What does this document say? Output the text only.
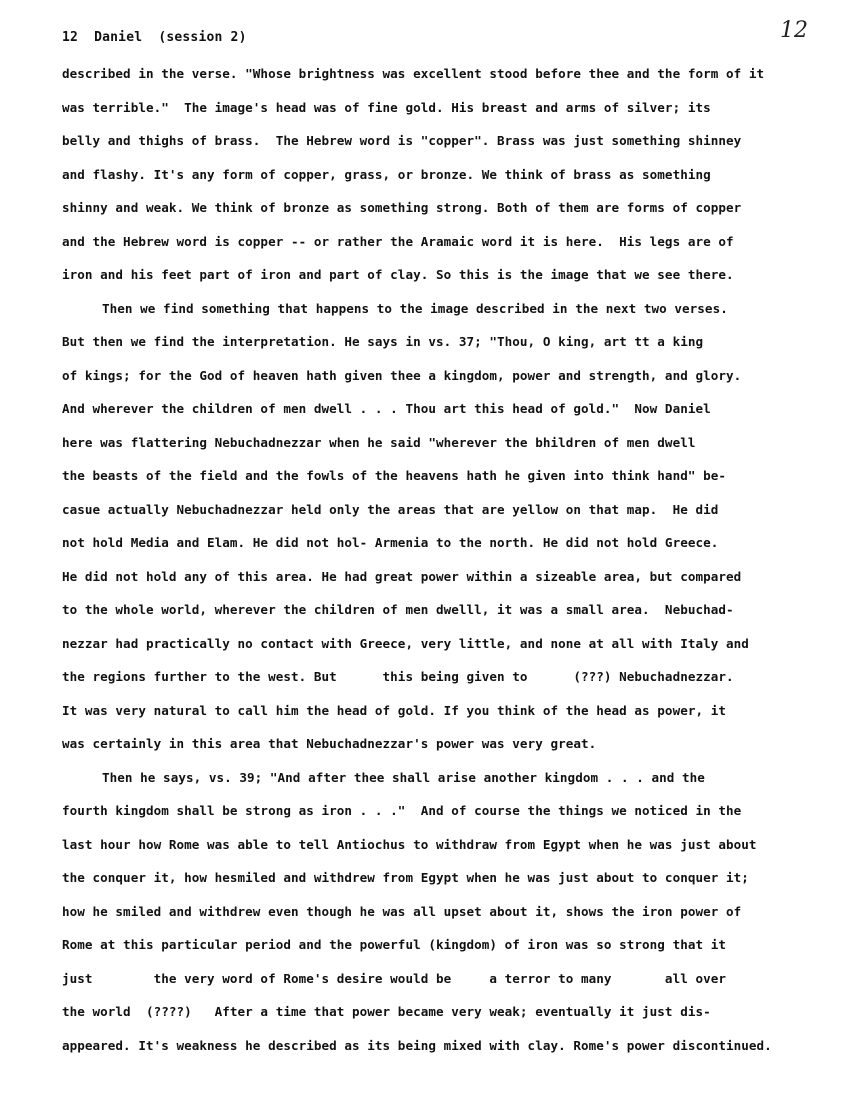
12  Daniel  (session 2)	12
described in the verse. "Whose brightness was excellent stood before thee and the form of it
was terrible."  The image's head was of fine gold. His breast and arms of silver; its
belly and thighs of brass.  The Hebrew word is "copper". Brass was just something shinney
and flashy. It's any form of copper, grass, or bronze. We think of brass as something
shinny and weak. We think of bronze as something strong. Both of them are forms of copper
and the Hebrew word is copper -- or rather the Aramaic word it is here.  His legs are of
iron and his feet part of iron and part of clay. So this is the image that we see there.
Then we find something that happens to the image described in the next two verses.
But then we find the interpretation. He says in vs. 37; "Thou, O king, art tt a king
of kings; for the God of heaven hath given thee a kingdom, power and strength, and glory.
And wherever the children of men dwell . . . Thou art this head of gold."  Now Daniel
here was flattering Nebuchadnezzar when he said "wherever the bhildren of men dwell
the beasts of the field and the fowls of the heavens hath he given into think hand" be-
casue actually Nebuchadnezzar held only the areas that are yellow on that map.  He did
not hold Media and Elam. He did not hol- Armenia to the north. He did not hold Greece.
He did not hold any of this area. He had great power within a sizeable area, but compared
to the whole world, wherever the children of men dwelll, it was a small area.  Nebuchad-
nezzar had practically no contact with Greece, very little, and none at all with Italy and
the regions further to the west. But      this being given to      (???) Nebuchadnezzar.
It was very natural to call him the head of gold. If you think of the head as power, it
was certainly in this area that Nebuchadnezzar's power was very great.
Then he says, vs. 39; "And after thee shall arise another kingdom . . . and the
fourth kingdom shall be strong as iron . . ."  And of course the things we noticed in the
last hour how Rome was able to tell Antiochus to withdraw from Egypt when he was just about
the conquer it, how hesmiled and withdrew from Egypt when he was just about to conquer it;
how he smiled and withdrew even though he was all upset about it, shows the iron power of
Rome at this particular period and the powerful (kingdom) of iron was so strong that it
just        the very word of Rome's desire would be     a terror to many       all over
the world  (????)   After a time that power became very weak; eventually it just dis-
appeared. It's weakness he described as its being mixed with clay. Rome's power discontinued.
